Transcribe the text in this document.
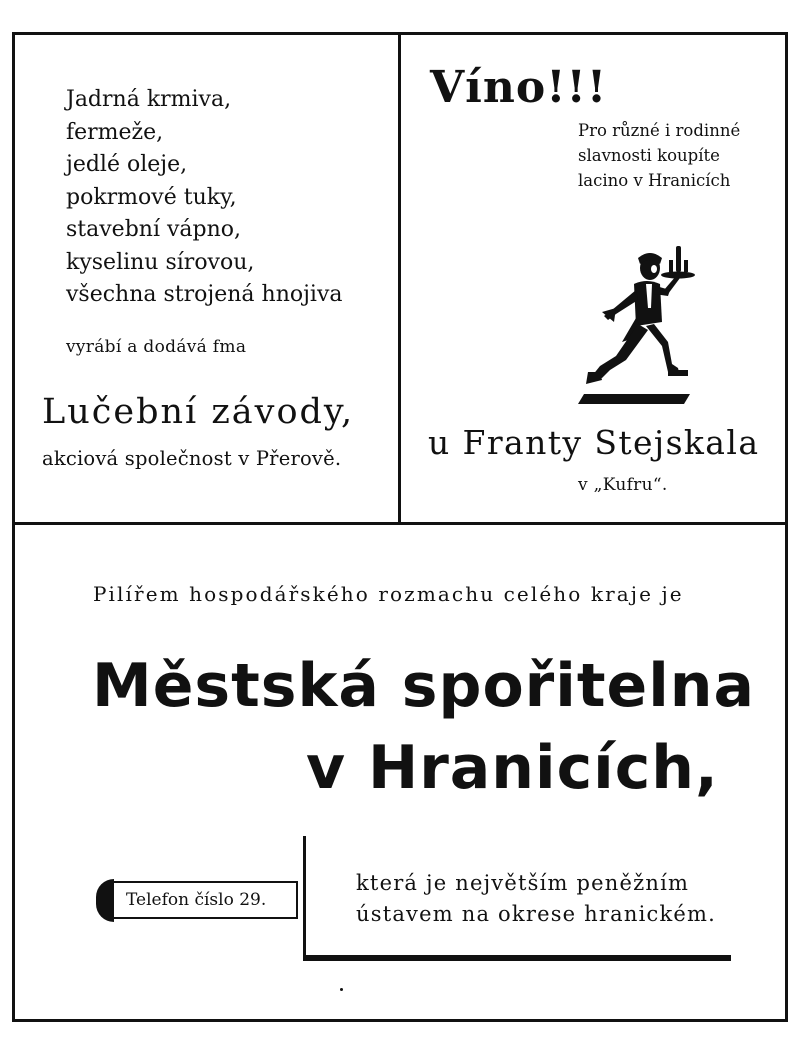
Jadrná krmiva,
fermeže,
jedlé oleje,
pokrmové tuky,
stavební vápno,
kyselinu sírovou,
všechna strojená hnojiva
vyrábí a dodává fma
Lučební závody,
akciová společnost v Přerově.
Víno!!!
Pro různé i rodinné
slavnosti koupíte
lacino v Hranicích
u Franty Stejskala
v „Kufru“.
Pilířem hospodářského rozmachu celého kraje je
Městská spořitelna
v Hranicích,
Telefon číslo 29.
která je největším peněžním
ústavem na okrese hranickém.
